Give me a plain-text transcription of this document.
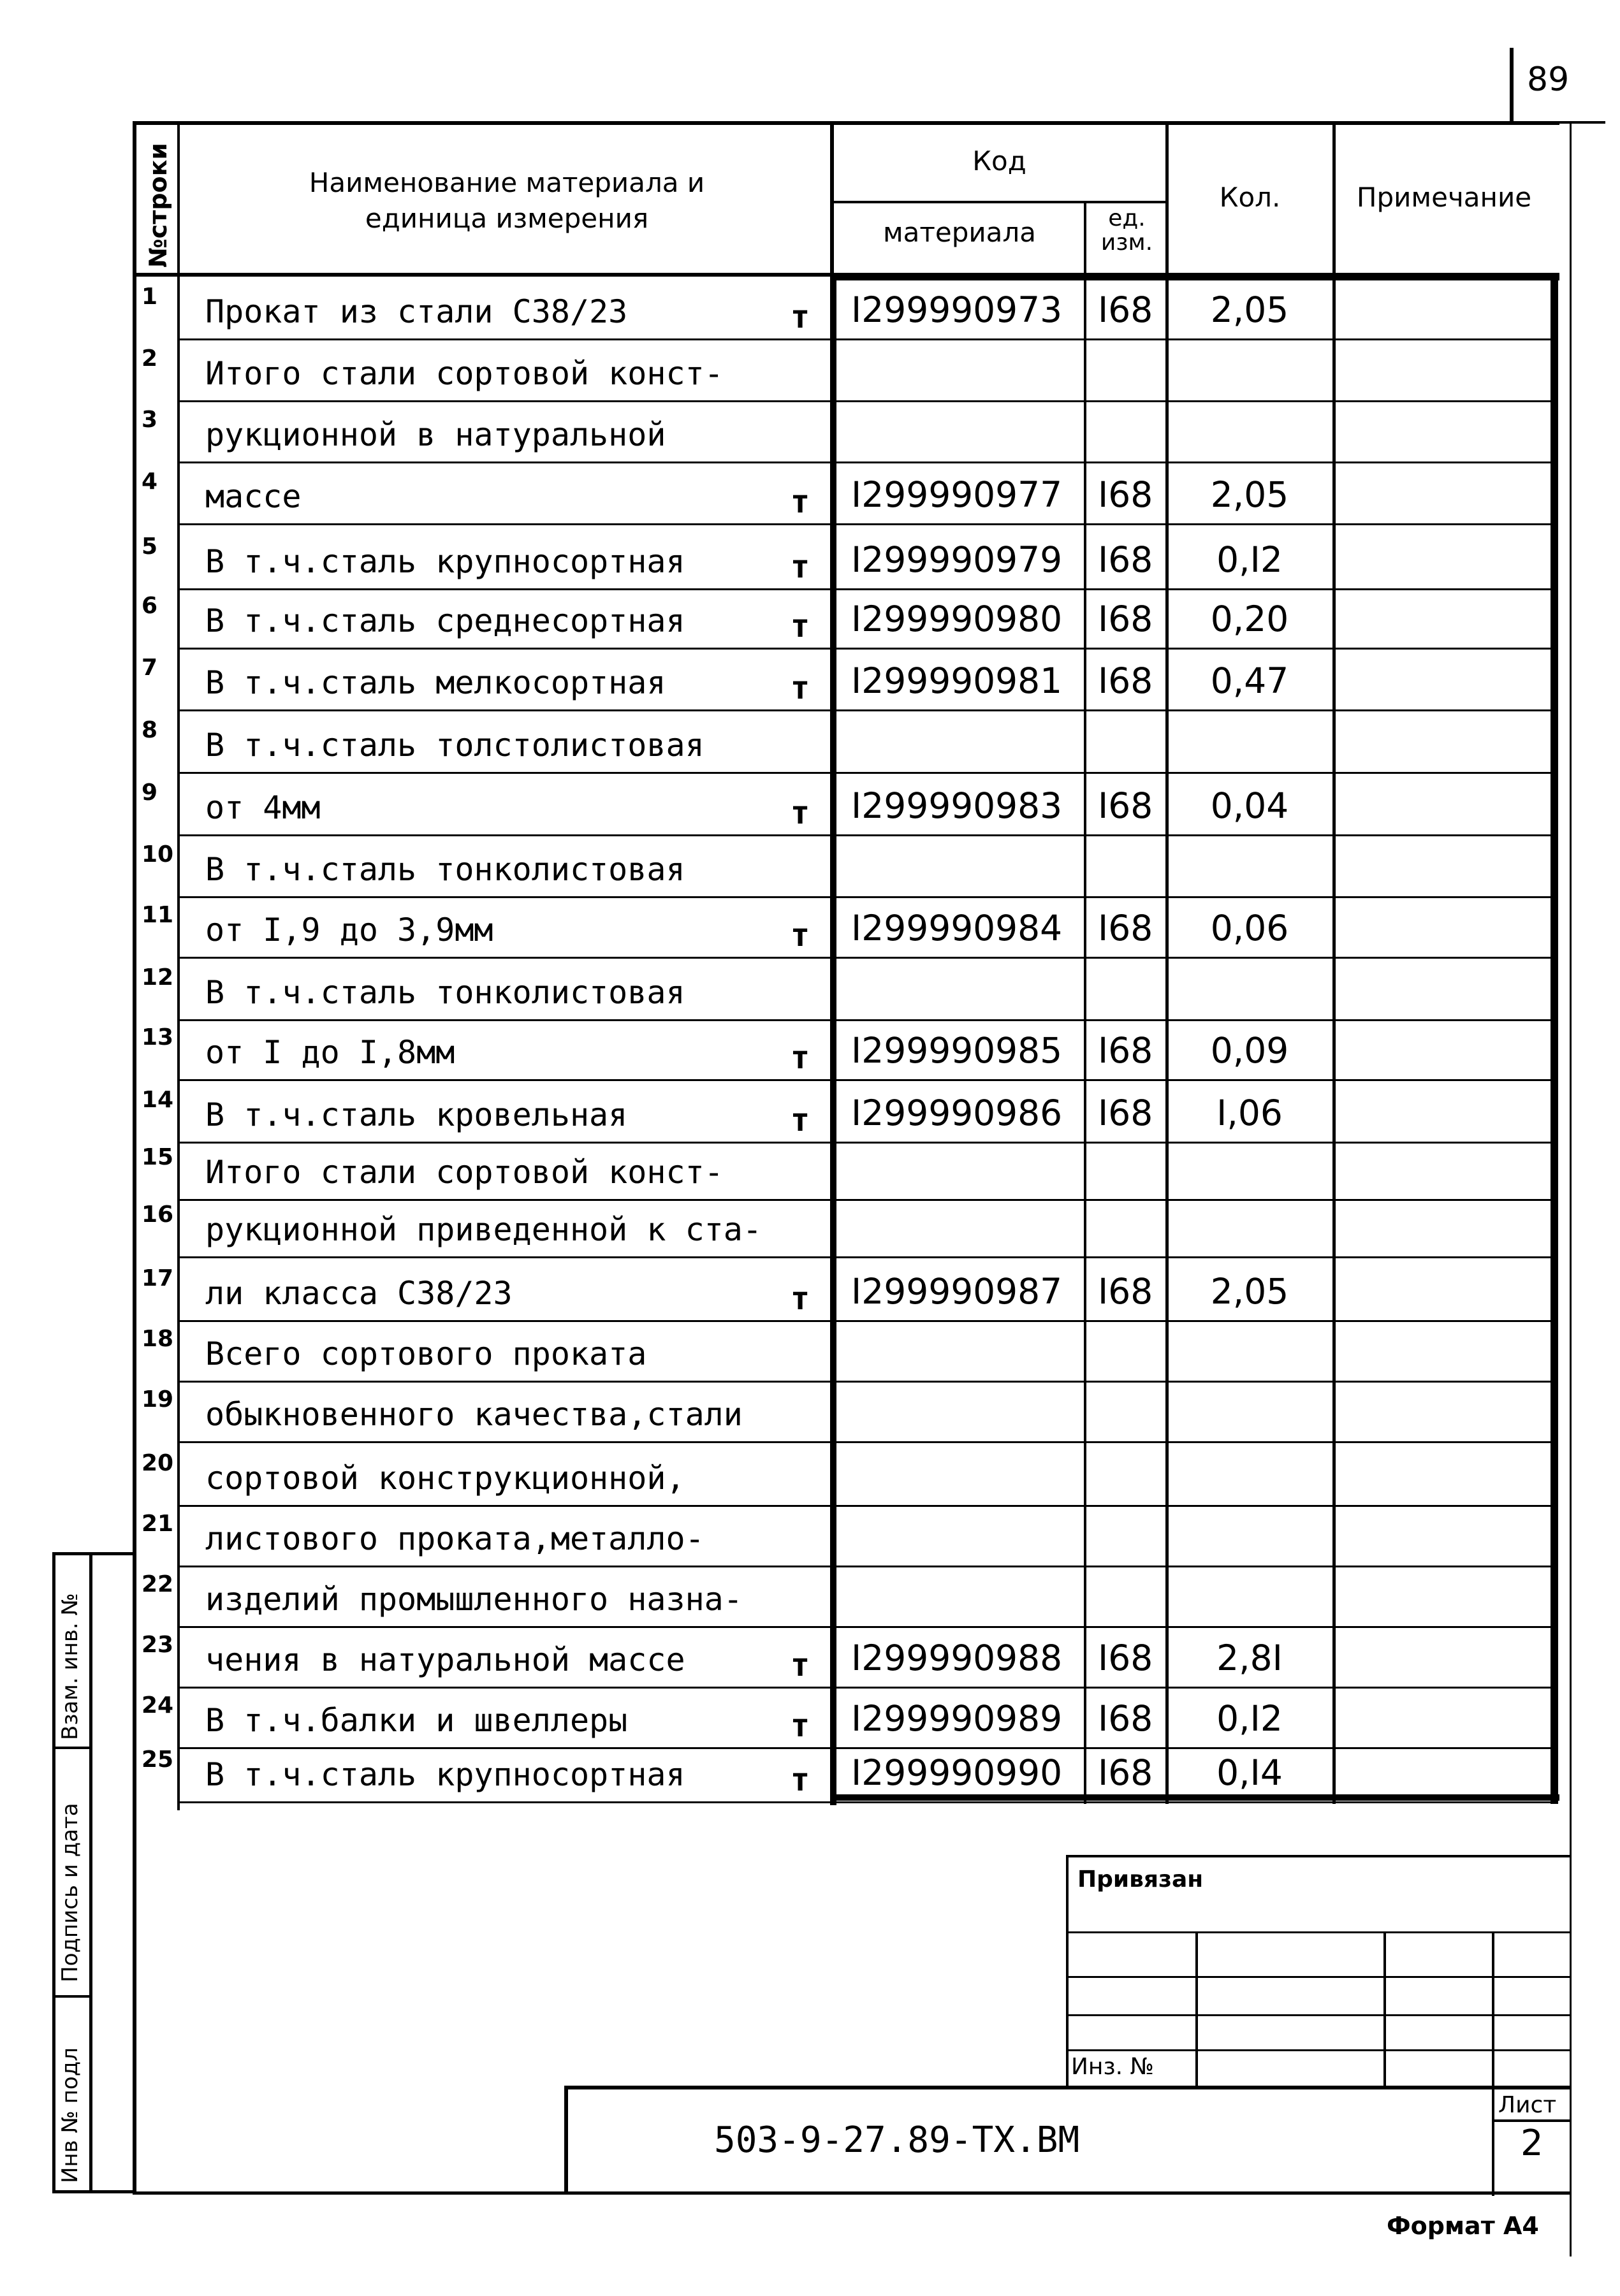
89
№строки	Наименование материала и
единица измерения
Код
материала	ед.
изм.
Кол.	Примечание
1 Прокат из стали С38/23	т I299990973 I68	2,05
2 Итого стали сортовой конст-
3 рукционной в натуральной
4 массе	т I299990977 I68	2,05
5 В т.ч.сталь крупносортная	т I299990979 I68	0,I2
6 В т.ч.сталь среднесортная	т I299990980 I68	0,20
7 В т.ч.сталь мелкосортная	т I299990981 I68	0,47
8 В т.ч.сталь толстолистовая
9 от 4мм	т I299990983 I68	0,04
10 В т.ч.сталь тонколистовая
11 от I,9 до 3,9мм	т I299990984 I68	0,06
12 В т.ч.сталь тонколистовая
13 от I до I,8мм	т I299990985 I68	0,09
14 В т.ч.сталь кровельная	т I299990986 I68	I,06
15 Итого стали сортовой конст-
16 рукционной приведенной к ста-
17 ли класса С38/23	т I299990987 I68	2,05
18 Всего сортового проката
19 обыкновенного качества,стали
20 сортовой конструкционной,
21 листового проката,металло-
22 изделий промышленного назна-
23 чения в натуральной массе	т I299990988 I68	2,8I
24 В т.ч.балки и швеллеры	т I299990989 I68	0,I2
25 В т.ч.сталь крупносортная	т I299990990 I68	0,I4
Взам. инв. №
Подпись и дата
Инв № подл
Привязан
Инз. №
503-9-27.89-ТХ.ВМ
Лист
2
Формат А4
